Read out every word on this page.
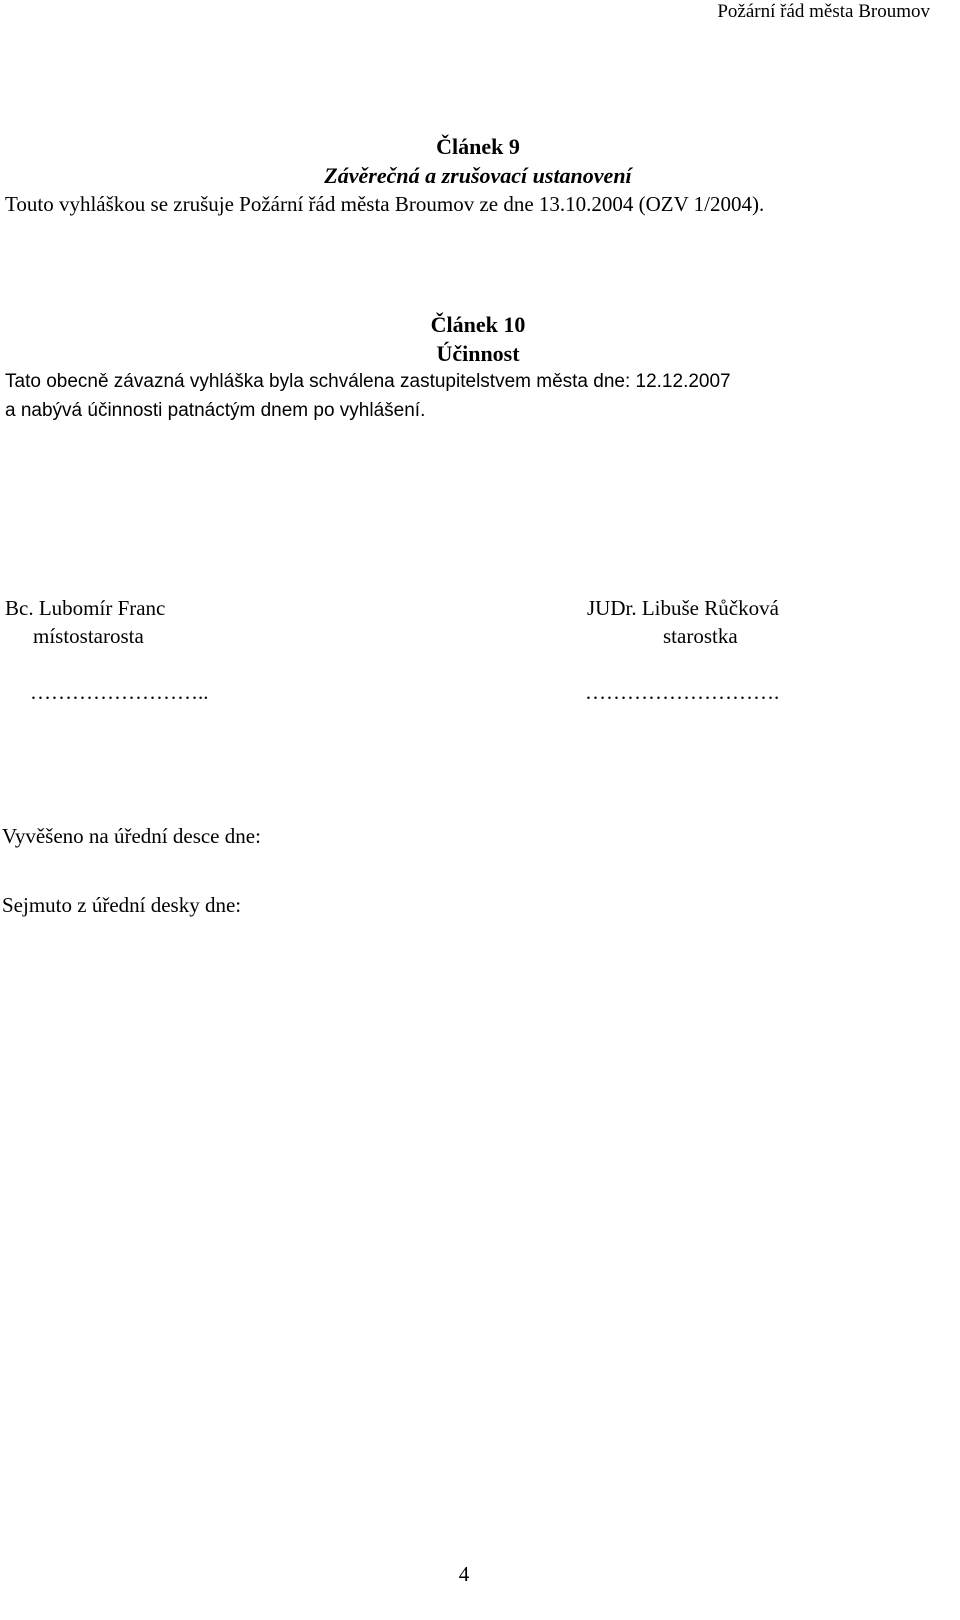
Požární řád města Broumov
Článek 9
Závěrečná a zrušovací ustanovení
Touto vyhláškou se zrušuje Požární řád města Broumov ze dne 13.10.2004 (OZV 1/2004).
Článek 10
Účinnost
Tato obecně závazná vyhláška byla schválena zastupitelstvem města dne: 12.12.2007
a nabývá účinnosti patnáctým dnem po vyhlášení.
Bc. Lubomír Franc
místostarosta
……………………..
JUDr. Libuše Růčková
starostka
……………………….
Vyvěšeno na úřední desce dne:
Sejmuto z úřední desky dne:
4
